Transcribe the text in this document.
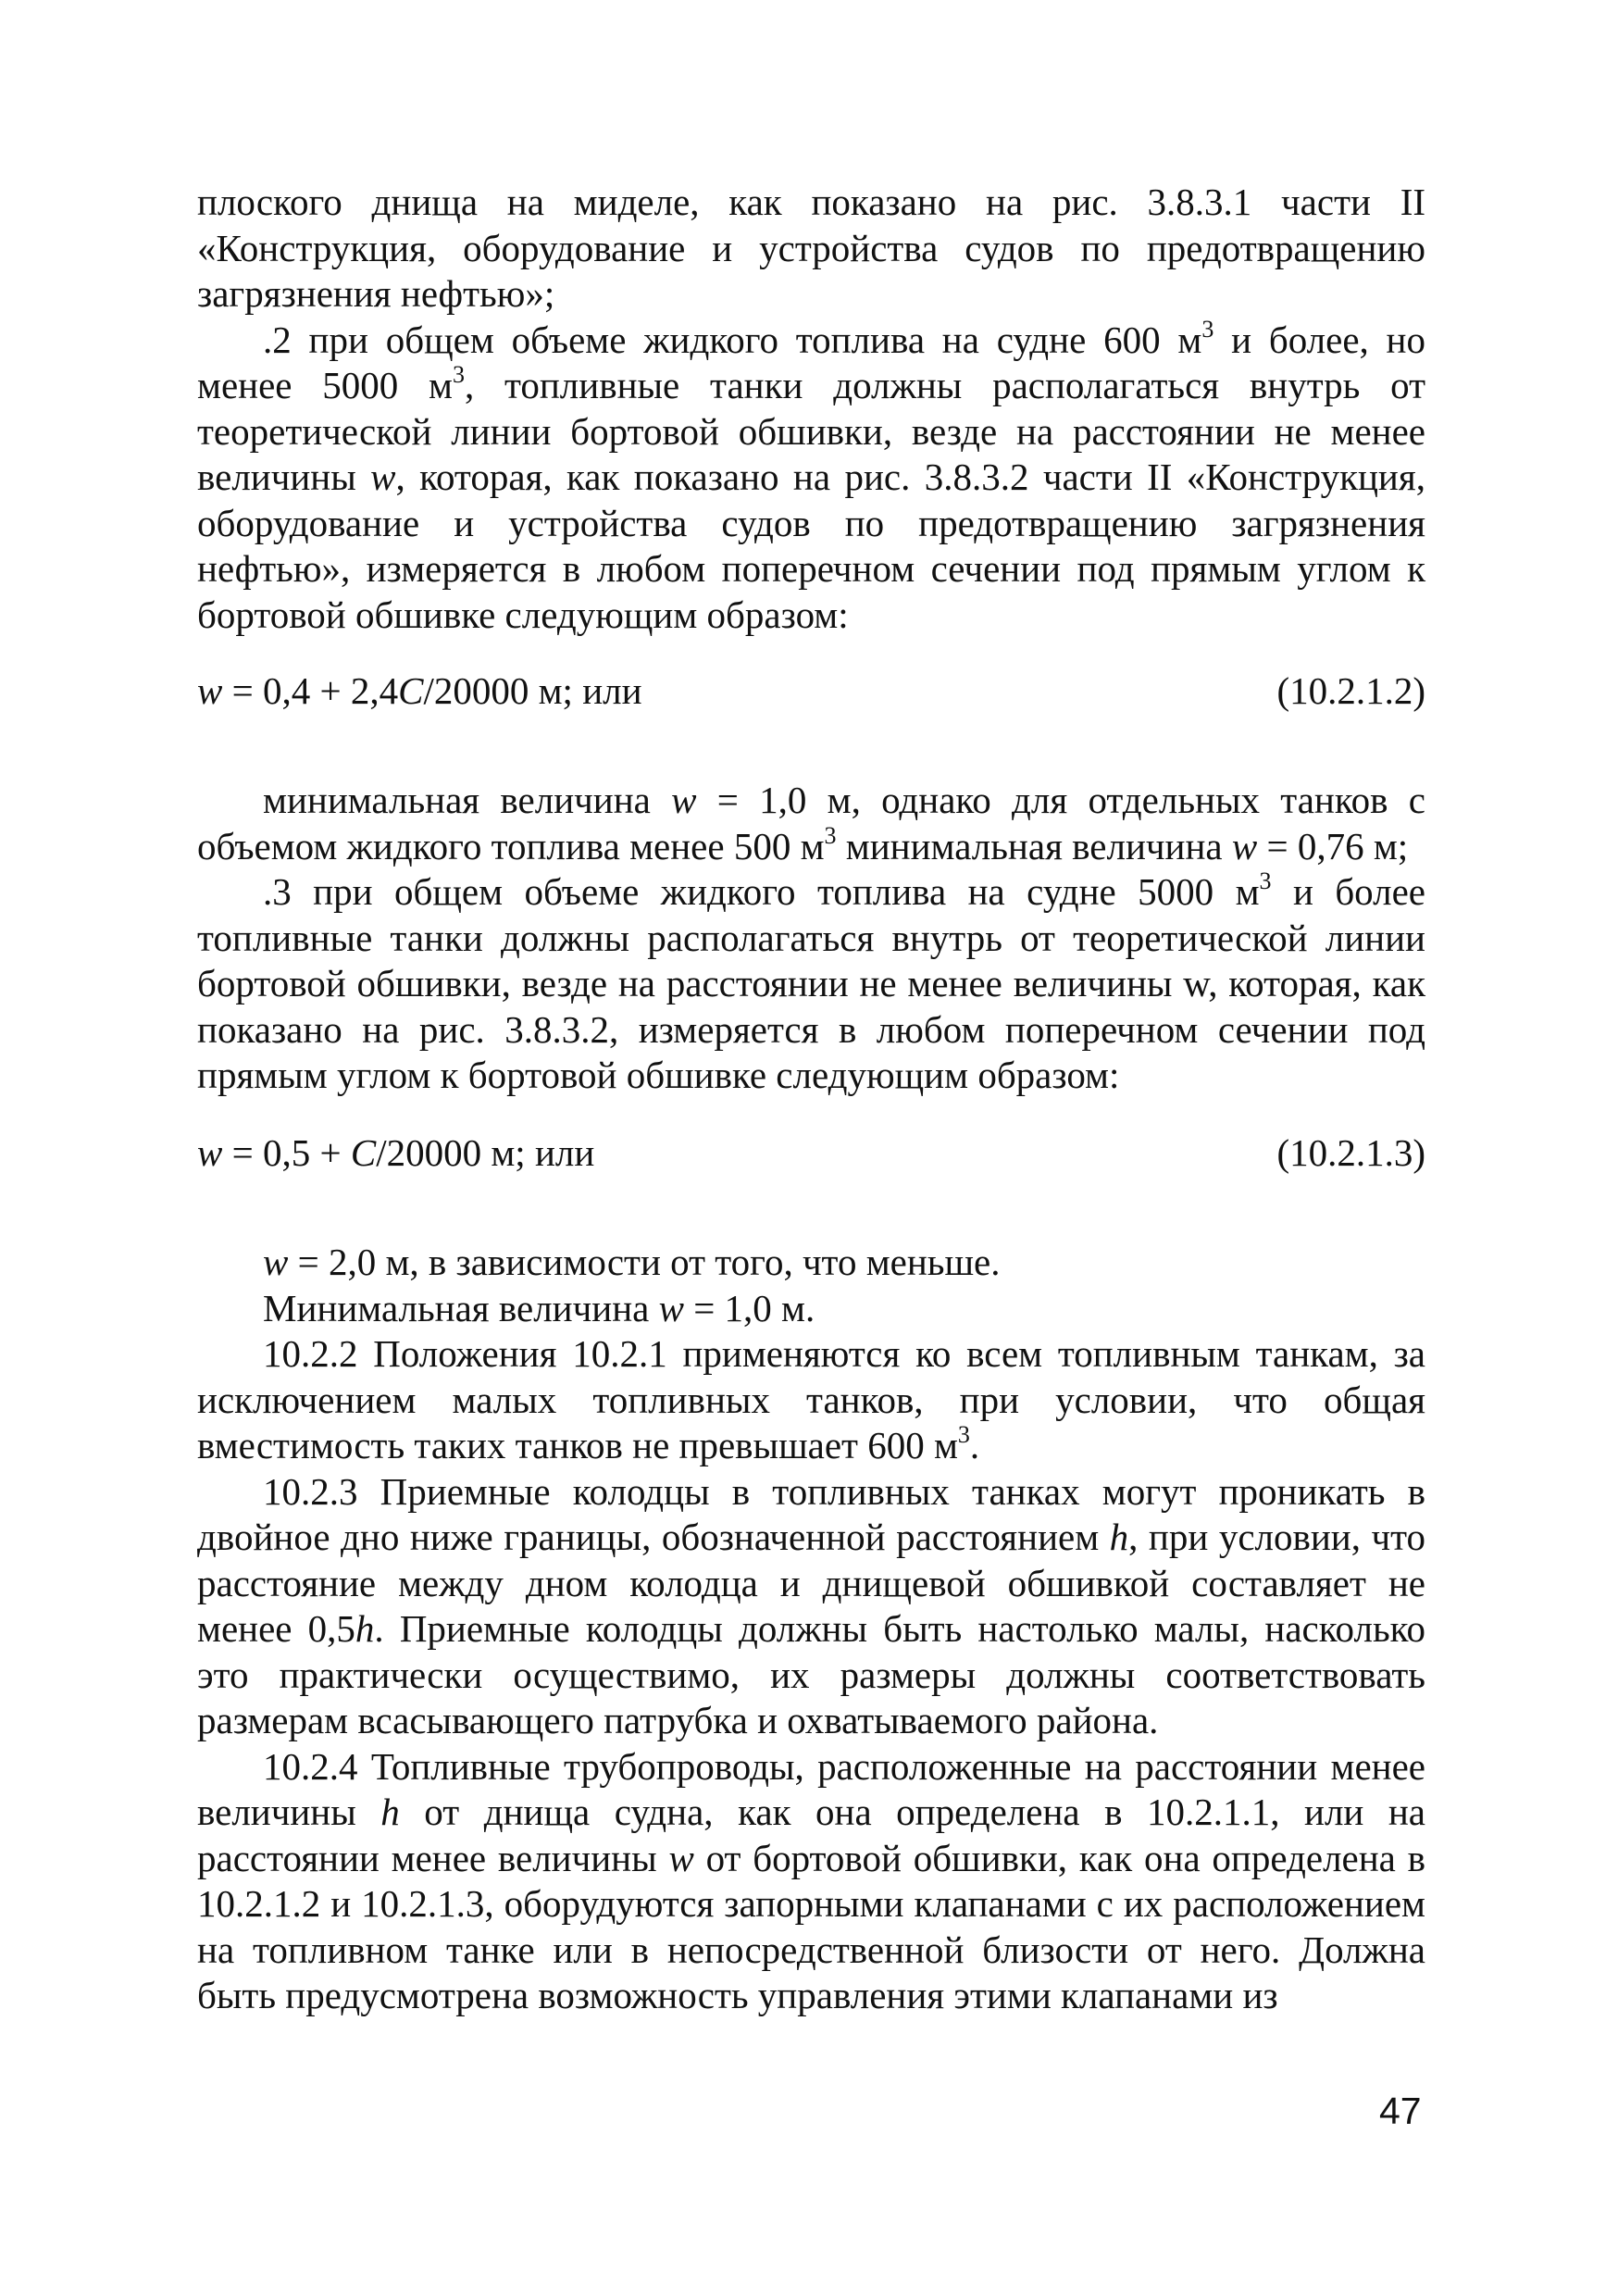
плоского днища на миделе, как показано на рис. 3.8.3.1 части II «Конструкция, оборудование и устройства судов по предотвращению загрязнения нефтью»;

.2 при общем объеме жидкого топлива на судне 600 $м^3$ и более, но менее 5000 $м^3$, топливные танки должны располагаться внутрь от теоретической линии бортовой обшивки, везде на расстоянии не менее величины w, которая, как показано на рис. 3.8.3.2 части II «Конструкция, оборудование и устройства судов по предотвращению загрязнения нефтью», измеряется в любом поперечном сечении под прямым углом к бортовой обшивке следующим образом:

w = 0,4 + 2,4C/20000 м; или	(10.2.1.2)

минимальная величина w = 1,0 м, однако для отдельных танков с объемом жидкого топлива менее 500 $м^3$ минимальная величина w = 0,76 м;

.3 при общем объеме жидкого топлива на судне 5000 $м^3$ и более топливные танки должны располагаться внутрь от теоретической линии бортовой обшивки, везде на расстоянии не менее величины w, которая, как показано на рис. 3.8.3.2, измеряется в любом поперечном сечении под прямым углом к бортовой обшивке следующим образом:

w = 0,5 + C/20000 м; или	(10.2.1.3)

w = 2,0 м, в зависимости от того, что меньше.

Минимальная величина w = 1,0 м.

10.2.2 Положения 10.2.1 применяются ко всем топливным танкам, за исключением малых топливных танков, при условии, что общая вместимость таких танков не превышает 600 $м^3$.

10.2.3 Приемные колодцы в топливных танках могут проникать в двойное дно ниже границы, обозначенной расстоянием h, при условии, что расстояние между дном колодца и днищевой обшивкой составляет не менее 0,5h. Приемные колодцы должны быть настолько малы, насколько это практически осуществимо, их размеры должны соответствовать размерам всасывающего патрубка и охватываемого района.

10.2.4 Топливные трубопроводы, расположенные на расстоянии менее величины h от днища судна, как она определена в 10.2.1.1, или на расстоянии менее величины w от бортовой обшивки, как она определена в 10.2.1.2 и 10.2.1.3, оборудуются запорными клапанами с их расположением на топливном танке или в непосредственной близости от него. Должна быть предусмотрена возможность управления этими клапанами из

47
